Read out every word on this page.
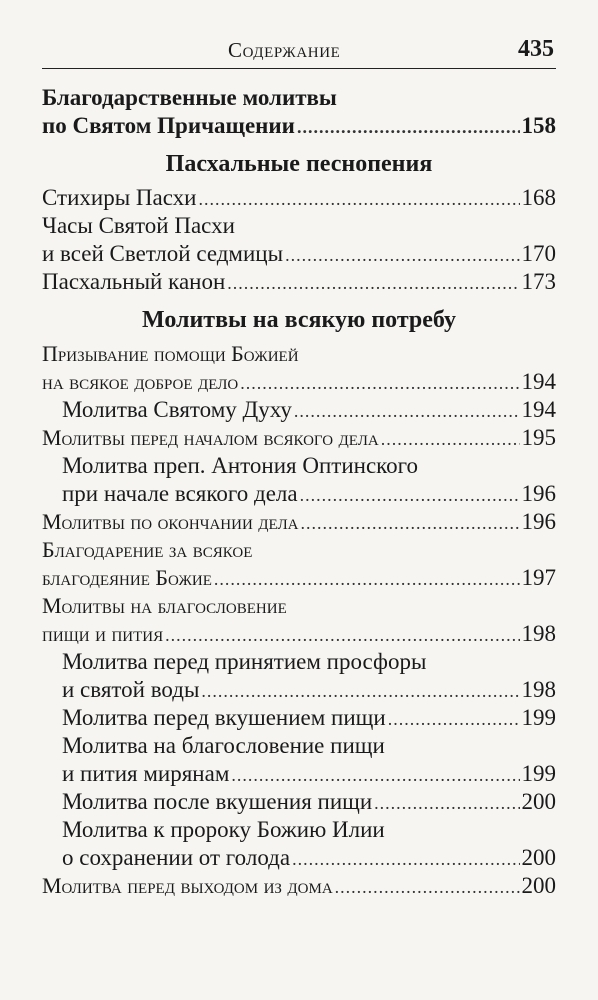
Содержание	435
Благодарственные молитвы
по Святом Причащении .....	158
Пасхальные песнопения
Стихиры Пасхи .....	168
Часы Святой Пасхи
и всей Светлой седмицы .....	170
Пасхальный канон .....	173
Молитвы на всякую потребу
Призывание помощи Божией
на всякое доброе дело .....	194
Молитва Святому Духу .....	194
Молитвы перед началом всякого дела .....	195
Молитва преп. Антония Оптинского
при начале всякого дела .....	196
Молитвы по окончании дела .....	196
Благодарение за всякое
благодеяние Божие .....	197
Молитвы на благословение
пищи и пития .....	198
Молитва перед принятием просфоры
и святой воды .....	198
Молитва перед вкушением пищи .....	199
Молитва на благословение пищи
и пития мирянам .....	199
Молитва после вкушения пищи .....	200
Молитва к пророку Божию Илии
о сохранении от голода .....	200
Молитва перед выходом из дома .....	200
